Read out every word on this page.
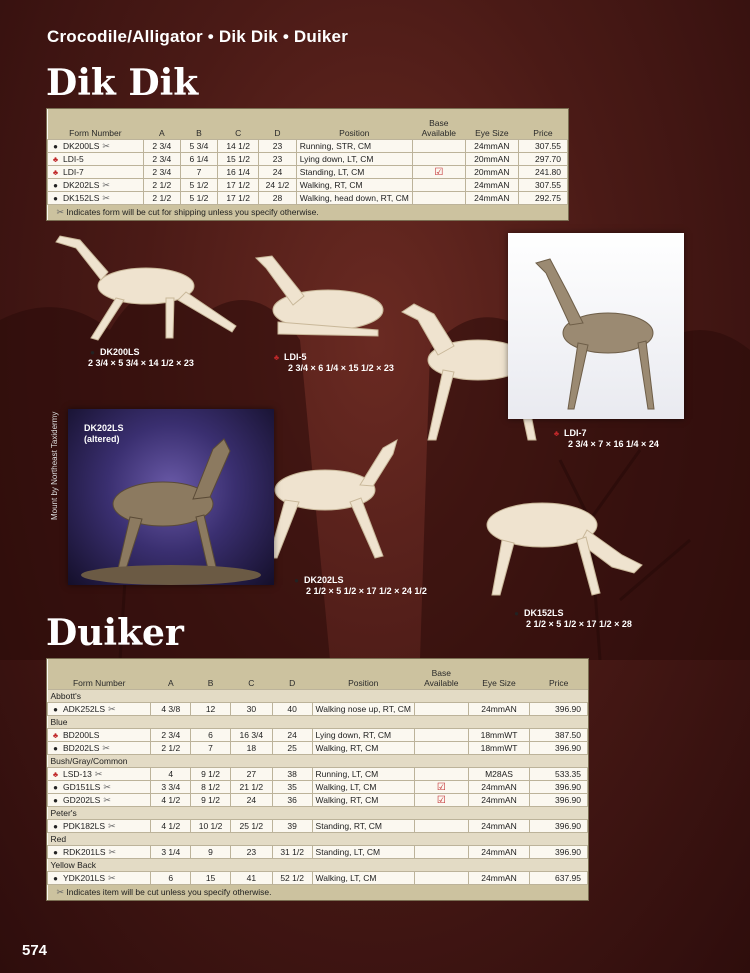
Crocodile/Alligator • Dik Dik • Duiker
Dik Dik
Form Number	A	B	C	D	Position	Base Available	Eye Size	Price
● DK200LS ✂	2 3/4	5 3/4	14 1/2	23	Running, STR, CM		24mmAN	307.55
♣ LDI-5	2 3/4	6 1/4	15 1/2	23	Lying down, LT, CM		20mmAN	297.70
♣ LDI-7	2 3/4	7	16 1/4	24	Standing, LT, CM	☑	20mmAN	241.80
● DK202LS ✂	2 1/2	5 1/2	17 1/2	24 1/2	Walking, RT, CM		24mmAN	307.55
● DK152LS ✂	2 1/2	5 1/2	17 1/2	28	Walking, head down, RT, CM		24mmAN	292.75
✂ Indicates form will be cut for shipping unless you specify otherwise.								
DK202LS
(altered)
Mount by Northeast Taxidermy
● DK200LS
2 3/4 × 5 3/4 × 14 1/2 × 23
♣ LDI-5
2 3/4 × 6 1/4 × 15 1/2 × 23
♣ LDI-7
2 3/4 × 7 × 16 1/4 × 24
● DK202LS
2 1/2 × 5 1/2 × 17 1/2 × 24 1/2
● DK152LS
2 1/2 × 5 1/2 × 17 1/2 × 28
Duiker
Form Number	A	B	C	D	Position	Base Available	Eye Size	Price
Abbott's								
● ADK252LS ✂	4 3/8	12	30	40	Walking nose up, RT, CM		24mmAN	396.90
Blue								
♣ BD200LS	2 3/4	6	16 3/4	24	Lying down, RT, CM		18mmWT	387.50
● BD202LS ✂	2 1/2	7	18	25	Walking, RT, CM		18mmWT	396.90
Bush/Gray/Common								
♣ LSD-13 ✂	4	9 1/2	27	38	Running, LT, CM		M28AS	533.35
● GD151LS ✂	3 3/4	8 1/2	21 1/2	35	Walking, LT, CM	☑	24mmAN	396.90
● GD202LS ✂	4 1/2	9 1/2	24	36	Walking, RT, CM	☑	24mmAN	396.90
Peter's								
● PDK182LS ✂	4 1/2	10 1/2	25 1/2	39	Standing, RT, CM		24mmAN	396.90
Red								
● RDK201LS ✂	3 1/4	9	23	31 1/2	Standing, LT, CM		24mmAN	396.90
Yellow Back								
● YDK201LS ✂	6	15	41	52 1/2	Walking, LT, CM		24mmAN	637.95
✂ Indicates item will be cut unless you specify otherwise.								
574
